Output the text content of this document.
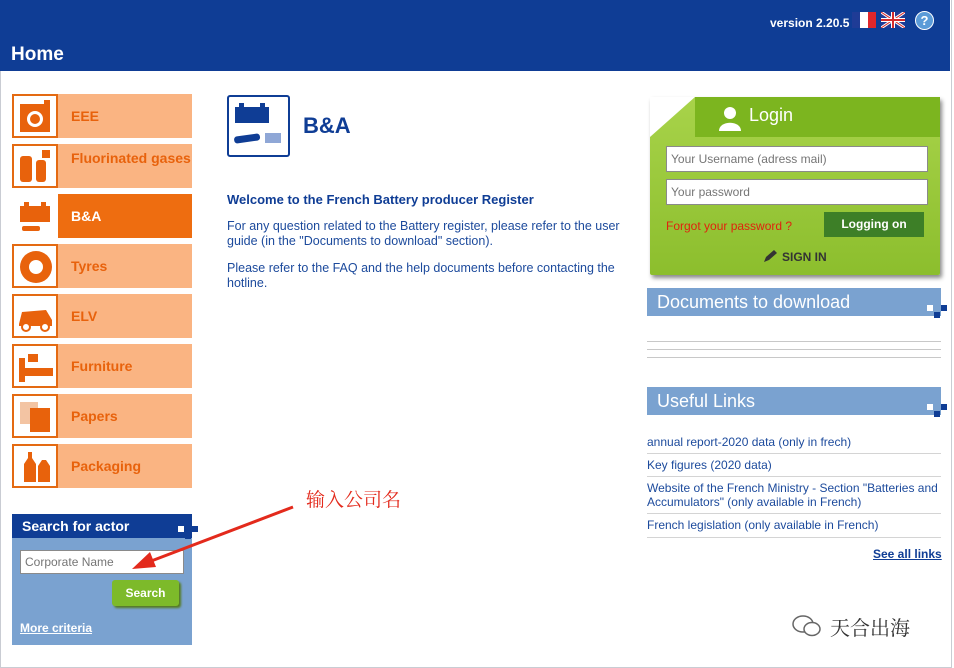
version 2.20.5	?
Home
EEE
Fluorinated gases
B&A
Tyres
ELV
Furniture
Papers
Packaging
Search for actor
Corporate Name
Search
More criteria
B&A
Welcome to the French Battery producer Register
For any question related to the Battery register, please refer to the user guide (in the "Documents to download" section).
Please refer to the FAQ and the help documents before contacting the hotline.
Login
Your Username (adress mail)
Forgot your password ?	Logging on
SIGN IN
Documents to download
Useful Links
annual report-2020 data (only in frech)
Key figures (2020 data)
Website of the French Ministry - Section "Batteries and Accumulators" (only available in French)
French legislation (only available in French)
See all links
输入公司名
天合出海
